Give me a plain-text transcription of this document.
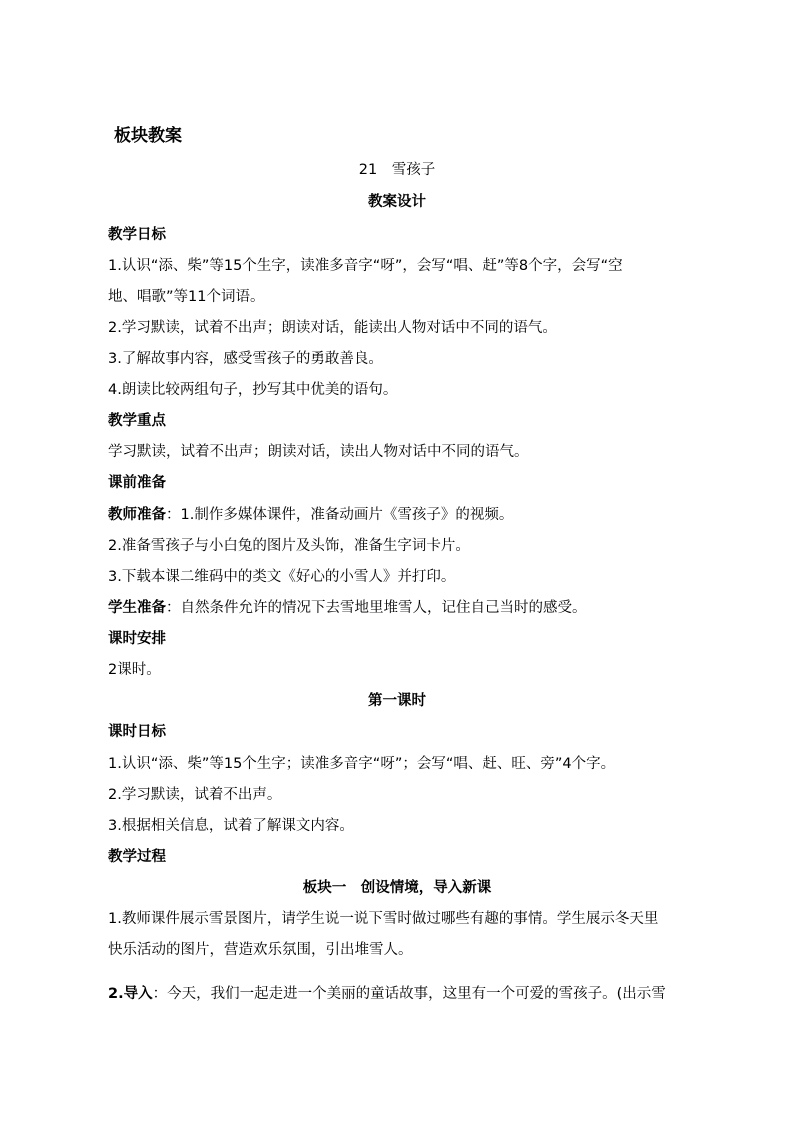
板块教案
21　雪孩子
教案设计
教学日标
1.认识“添、柴”等15个生字，读准多音字“呀”，会写“唱、赶”等8个字，会写“空
地、唱歌”等11个词语。
2.学习默读，试着不出声；朗读对话，能读出人物对话中不同的语气。
3.了解故事内容，感受雪孩子的勇敢善良。
4.朗读比较两组句子，抄写其中优美的语句。
教学重点
学习默读，试着不出声；朗读对话，读出人物对话中不同的语气。
课前准备
教师准备：1.制作多媒体课件，准备动画片《雪孩子》的视频。
2.准备雪孩子与小白兔的图片及头饰，准备生字词卡片。
3.下载本课二维码中的类文《好心的小雪人》并打印。
学生准备：自然条件允许的情况下去雪地里堆雪人，记住自己当时的感受。
课时安排
2课时。
第一课时
课时日标
1.认识“添、柴”等15个生字；读准多音字“呀”；会写“唱、赶、旺、旁”4个字。
2.学习默读，试着不出声。
3.根据相关信息，试着了解课文内容。
教学过程
板块一　创设情境，导入新课
1.教师课件展示雪景图片，请学生说一说下雪时做过哪些有趣的事情。学生展示冬天里
快乐活动的图片，营造欢乐氛围，引出堆雪人。
2.导入：今天，我们一起走进一个美丽的童话故事，这里有一个可爱的雪孩子。(出示雪
